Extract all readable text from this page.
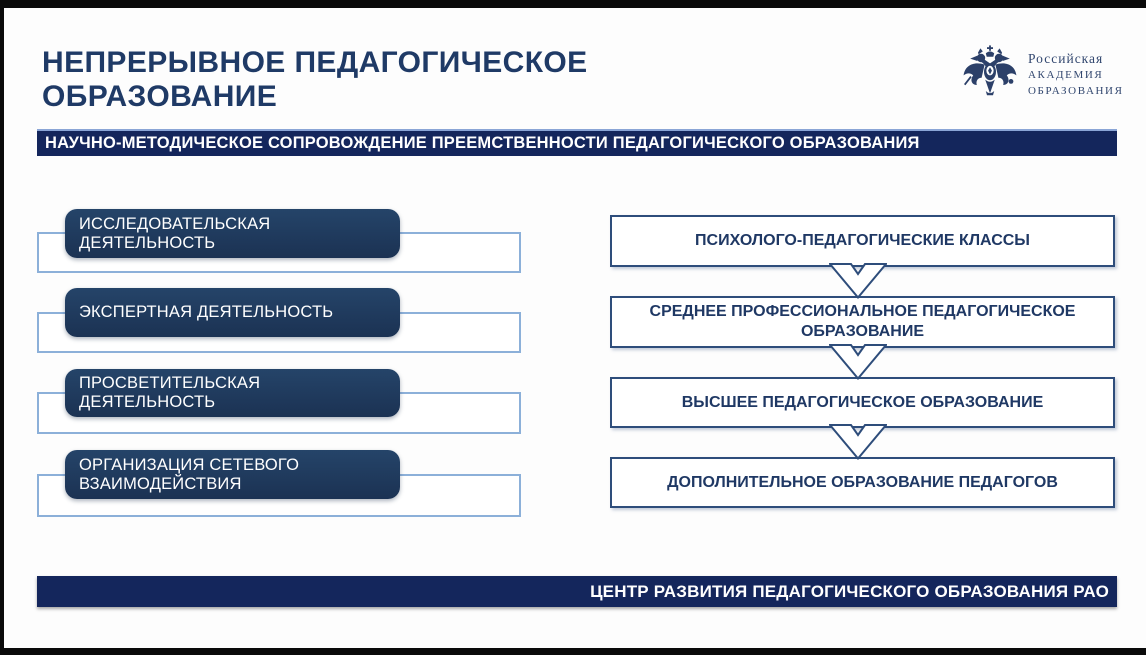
НЕПРЕРЫВНОЕ ПЕДАГОГИЧЕСКОЕ ОБРАЗОВАНИЕ
Российская
АКАДЕМИЯ
ОБРАЗОВАНИЯ
НАУЧНО-МЕТОДИЧЕСКОЕ СОПРОВОЖДЕНИЕ ПРЕЕМСТВЕННОСТИ ПЕДАГОГИЧЕСКОГО ОБРАЗОВАНИЯ
ИССЛЕДОВАТЕЛЬСКАЯ ДЕЯТЕЛЬНОСТЬ
ЭКСПЕРТНАЯ ДЕЯТЕЛЬНОСТЬ
ПРОСВЕТИТЕЛЬСКАЯ ДЕЯТЕЛЬНОСТЬ
ОРГАНИЗАЦИЯ СЕТЕВОГО ВЗАИМОДЕЙСТВИЯ
ПСИХОЛОГО-ПЕДАГОГИЧЕСКИЕ КЛАССЫ
СРЕДНЕЕ ПРОФЕССИОНАЛЬНОЕ ПЕДАГОГИЧЕСКОЕ ОБРАЗОВАНИЕ
ВЫСШЕЕ ПЕДАГОГИЧЕСКОЕ ОБРАЗОВАНИЕ
ДОПОЛНИТЕЛЬНОЕ ОБРАЗОВАНИЕ ПЕДАГОГОВ
ЦЕНТР РАЗВИТИЯ ПЕДАГОГИЧЕСКОГО ОБРАЗОВАНИЯ РАО
